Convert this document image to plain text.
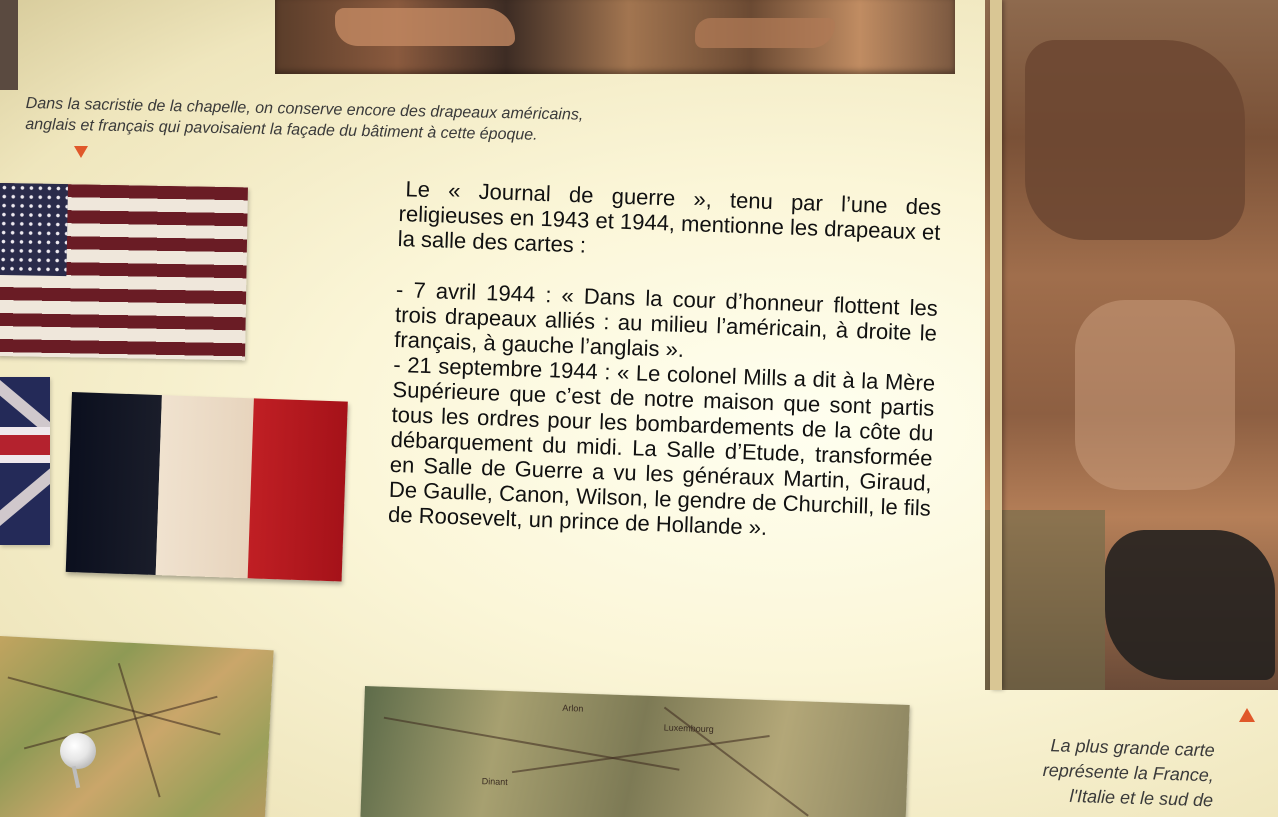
Dans la sacristie de la chapelle, on conserve encore des drapeaux américains,
anglais et français qui pavoisaient la façade du bâtiment à cette époque.

Le « Journal de guerre », tenu par l’une des religieuses en 1943 et 1944, mentionne les drapeaux et la salle des cartes :

- 7 avril 1944 : « Dans la cour d’honneur flottent les trois drapeaux alliés : au milieu l’américain, à droite le français, à gauche l’anglais ».

- 21 septembre 1944 : « Le colonel Mills a dit à la Mère Supérieure que c’est de notre maison que sont partis tous les ordres pour les bombardements de la côte du débarquement du midi. La Salle d’Etude, transformée en Salle de Guerre a vu les généraux Martin, Giraud, De Gaulle, Canon, Wilson, le gendre de Churchill, le fils de Roosevelt, un prince de Hollande ».

Arlon
Luxembourg
Dinant
La plus grande carte
représente la France,
l'Italie et le sud de
